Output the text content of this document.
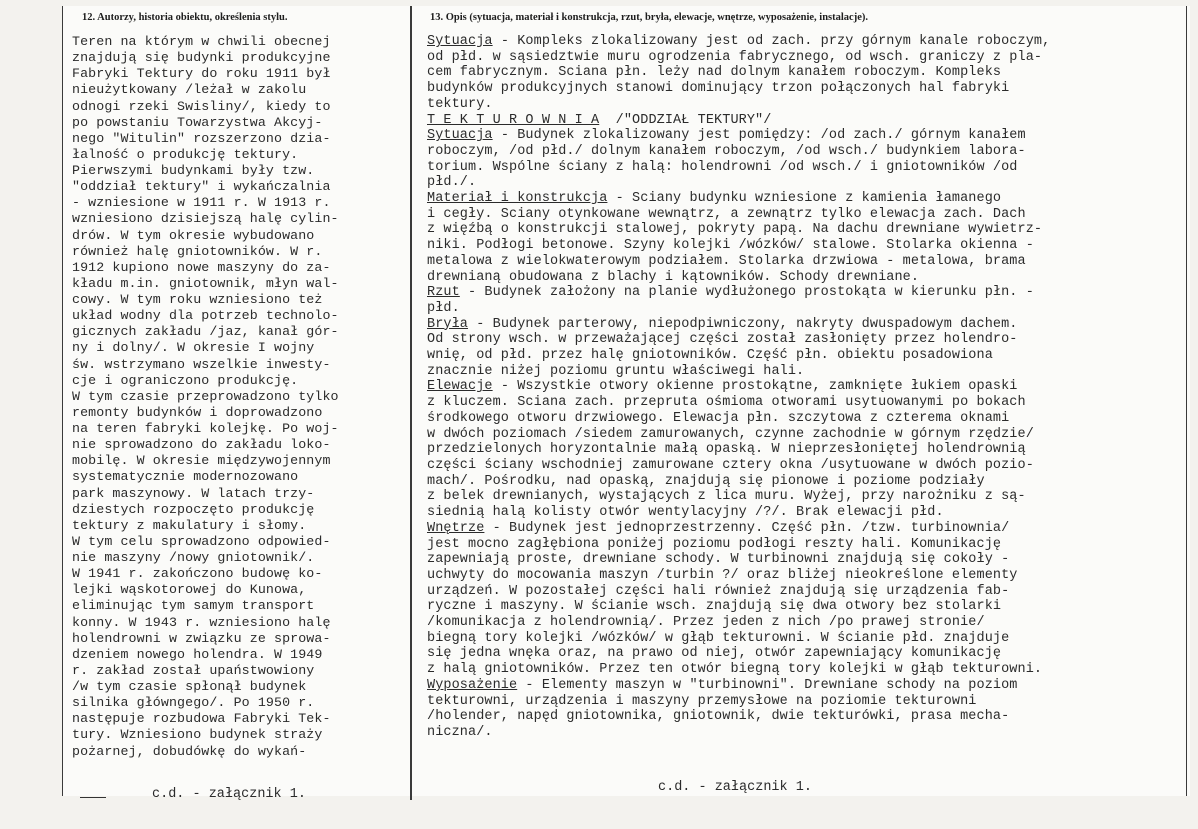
12. Autorzy, historia obiektu, określenia stylu.	13. Opis (sytuacja, materiał i konstrukcja, rzut, bryła, elewacje, wnętrze, wyposażenie, instalacje).
Teren na którym w chwili obecnej
znajdują się budynki produkcyjne
Fabryki Tektury do roku 1911 był
nieużytkowany /leżał w zakolu
odnogi rzeki Swisliny/, kiedy to
po powstaniu Towarzystwa Akcyj-
nego "Witulin" rozszerzono dzia-
łalność o produkcję tektury.
Pierwszymi budynkami były tzw.
"oddział tektury" i wykańczalnia
- wzniesione w 1911 r. W 1913 r.
wzniesiono dzisiejszą halę cylin-
drów. W tym okresie wybudowano
również halę gniotowników. W r.
1912 kupiono nowe maszyny do za-
kładu m.in. gniotownik, młyn wal-
cowy. W tym roku wzniesiono też
układ wodny dla potrzeb technolo-
gicznych zakładu /jaz, kanał gór-
ny i dolny/. W okresie I wojny
św. wstrzymano wszelkie inwesty-
cje i ograniczono produkcję.
W tym czasie przeprowadzono tylko
remonty budynków i doprowadzono
na teren fabryki kolejkę. Po woj-
nie sprowadzono do zakładu loko-
mobilę. W okresie międzywojennym
systematycznie modernozowano
park maszynowy. W latach trzy-
dziestych rozpoczęto produkcję
tektury z makulatury i słomy.
W tym celu sprowadzono odpowied-
nie maszyny /nowy gniotownik/.
W 1941 r. zakończono budowę ko-
lejki wąskotorowej do Kunowa,
eliminując tym samym transport
konny. W 1943 r. wzniesiono halę
holendrowni w związku ze sprowa-
dzeniem nowego holendra. W 1949
r. zakład został upaństwowiony
/w tym czasie spłonął budynek
silnika główngego/. Po 1950 r.
następuje rozbudowa Fabryki Tek-
tury. Wzniesiono budynek straży
pożarnej, dobudówkę do wykań-
Sytuacja - Kompleks zlokalizowany jest od zach. przy górnym kanale roboczym,
od płd. w sąsiedztwie muru ogrodzenia fabrycznego, od wsch. graniczy z pla-
cem fabrycznym. Sciana płn. leży nad dolnym kanałem roboczym. Kompleks
budynków produkcyjnych stanowi dominujący trzon połączonych hal fabryki
tektury.
T E K T U R O W N I A  /"ODDZIAŁ TEKTURY"/
Sytuacja - Budynek zlokalizowany jest pomiędzy: /od zach./ górnym kanałem
roboczym, /od płd./ dolnym kanałem roboczym, /od wsch./ budynkiem labora-
torium. Wspólne ściany z halą: holendrowni /od wsch./ i gniotowników /od
płd./.
Materiał i konstrukcja - Sciany budynku wzniesione z kamienia łamanego
i cegły. Sciany otynkowane wewnątrz, a zewnątrz tylko elewacja zach. Dach
z więźbą o konstrukcji stalowej, pokryty papą. Na dachu drewniane wywietrz-
niki. Podłogi betonowe. Szyny kolejki /wózków/ stalowe. Stolarka okienna -
metalowa z wielokwaterowym podziałem. Stolarka drzwiowa - metalowa, brama
drewnianą obudowana z blachy i kątowników. Schody drewniane.
Rzut - Budynek założony na planie wydłużonego prostokąta w kierunku płn. -
płd.
Bryła - Budynek parterowy, niepodpiwniczony, nakryty dwuspadowym dachem.
Od strony wsch. w przeważającej części został zasłonięty przez holendro-
wnię, od płd. przez halę gniotowników. Część płn. obiektu posadowiona
znacznie niżej poziomu gruntu właściwegi hali.
Elewacje - Wszystkie otwory okienne prostokątne, zamknięte łukiem opaski
z kluczem. Sciana zach. przepruta ośmioma otworami usytuowanymi po bokach
środkowego otworu drzwiowego. Elewacja płn. szczytowa z czterema oknami
w dwóch poziomach /siedem zamurowanych, czynne zachodnie w górnym rzędzie/
przedzielonych horyzontalnie małą opaską. W nieprzesłoniętej holendrownią
części ściany wschodniej zamurowane cztery okna /usytuowane w dwóch pozio-
mach/. Pośrodku, nad opaską, znajdują się pionowe i poziome podziały
z belek drewnianych, wystających z lica muru. Wyżej, przy narożniku z są-
siednią halą kolisty otwór wentylacyjny /?/. Brak elewacji płd.
Wnętrze - Budynek jest jednoprzestrzenny. Część płn. /tzw. turbinownia/
jest mocno zagłębiona poniżej poziomu podłogi reszty hali. Komunikację
zapewniają proste, drewniane schody. W turbinowni znajdują się cokoły -
uchwyty do mocowania maszyn /turbin ?/ oraz bliżej nieokreślone elementy
urządzeń. W pozostałej części hali również znajdują się urządzenia fab-
ryczne i maszyny. W ścianie wsch. znajdują się dwa otwory bez stolarki
/komunikacja z holendrownią/. Przez jeden z nich /po prawej stronie/
biegną tory kolejki /wózków/ w głąb tekturowni. W ścianie płd. znajduje
się jedna wnęka oraz, na prawo od niej, otwór zapewniający komunikację
z halą gniotowników. Przez ten otwór biegną tory kolejki w głąb tekturowni.
Wyposażenie - Elementy maszyn w "turbinowni". Drewniane schody na poziom
tekturowni, urządzenia i maszyny przemysłowe na poziomie tekturowni
/holender, napęd gniotownika, gniotownik, dwie tekturówki, prasa mecha-
niczna/.
c.d. - załącznik 1.	c.d. - załącznik 1.
